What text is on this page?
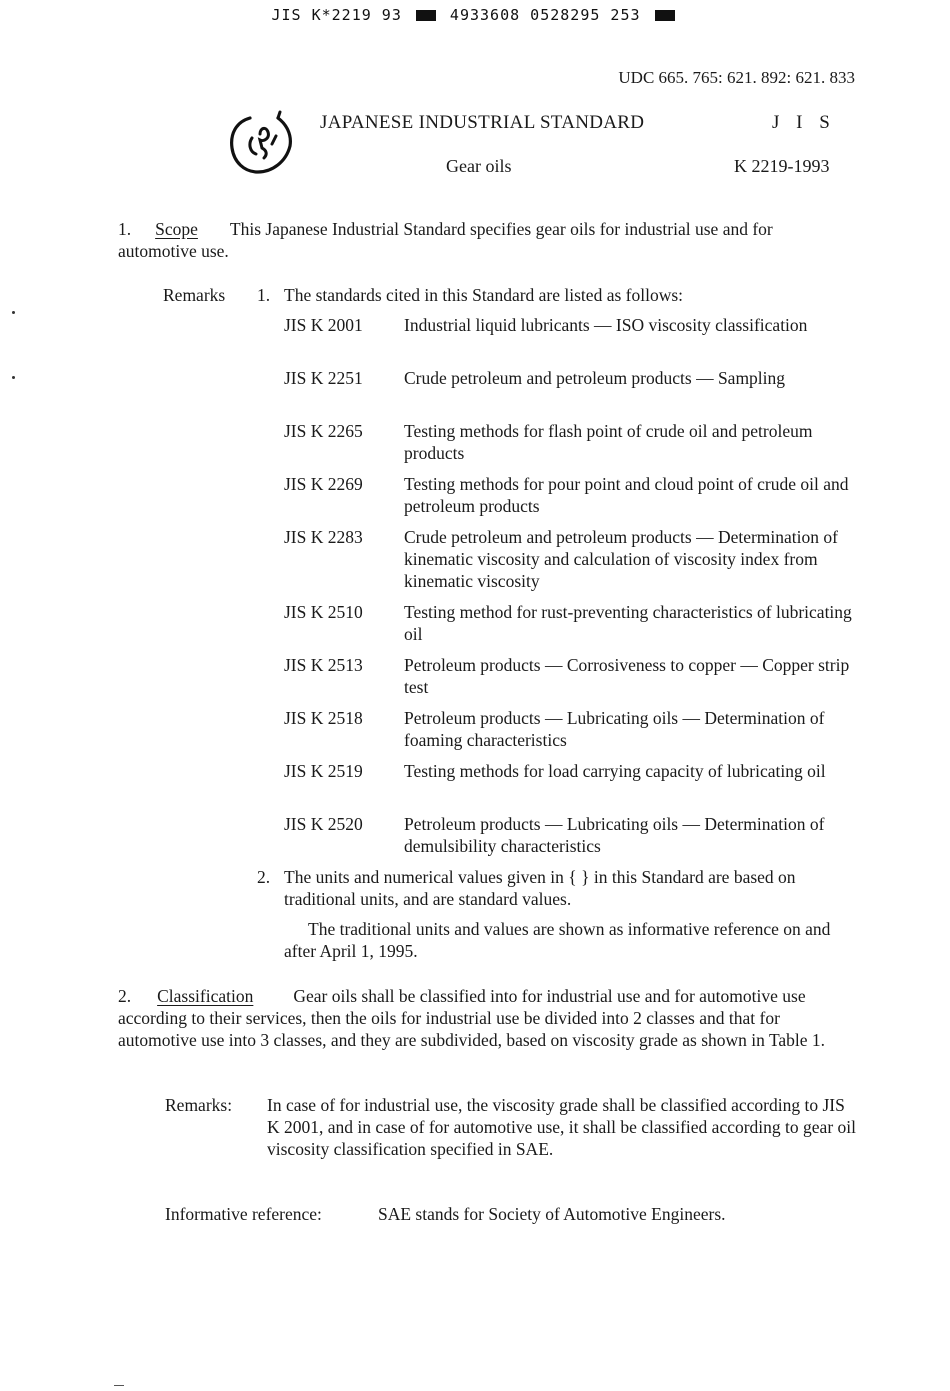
JIS K*2219 93	4933608 0528295 253
UDC 665. 765: 621. 892: 621. 833
JAPANESE INDUSTRIAL STANDARD	J I S
Gear oils	K 2219-1993
1. Scope This Japanese Industrial Standard specifies gear oils for industrial use and for automotive use.
Remarks 1. The standards cited in this Standard are listed as follows:
JIS K 2001 Industrial liquid lubricants — ISO viscosity classification
JIS K 2251 Crude petroleum and petroleum products — Sampling
JIS K 2265 Testing methods for flash point of crude oil and petroleum products
JIS K 2269 Testing methods for pour point and cloud point of crude oil and petroleum products
JIS K 2283 Crude petroleum and petroleum products — Determination of kinematic viscosity and calculation of viscosity index from kinematic viscosity
JIS K 2510 Testing method for rust-preventing characteristics of lubricating oil
JIS K 2513 Petroleum products — Corrosiveness to copper — Copper strip test
JIS K 2518 Petroleum products — Lubricating oils — Determination of foaming characteristics
JIS K 2519 Testing methods for load carrying capacity of lubricating oil
JIS K 2520 Petroleum products — Lubricating oils — Determination of demulsibility characteristics
2. The units and numerical values given in { } in this Standard are based on traditional units, and are standard values.
The traditional units and values are shown as informative reference on and after April 1, 1995.
2. Classification Gear oils shall be classified into for industrial use and for automotive use according to their services, then the oils for industrial use be divided into 2 classes and that for automotive use into 3 classes, and they are subdivided, based on viscosity grade as shown in Table 1.
Remarks: In case of for industrial use, the viscosity grade shall be classified according to JIS K 2001, and in case of for automotive use, it shall be classified according to gear oil viscosity classification specified in SAE.
Informative reference:	SAE stands for Society of Automotive Engineers.
